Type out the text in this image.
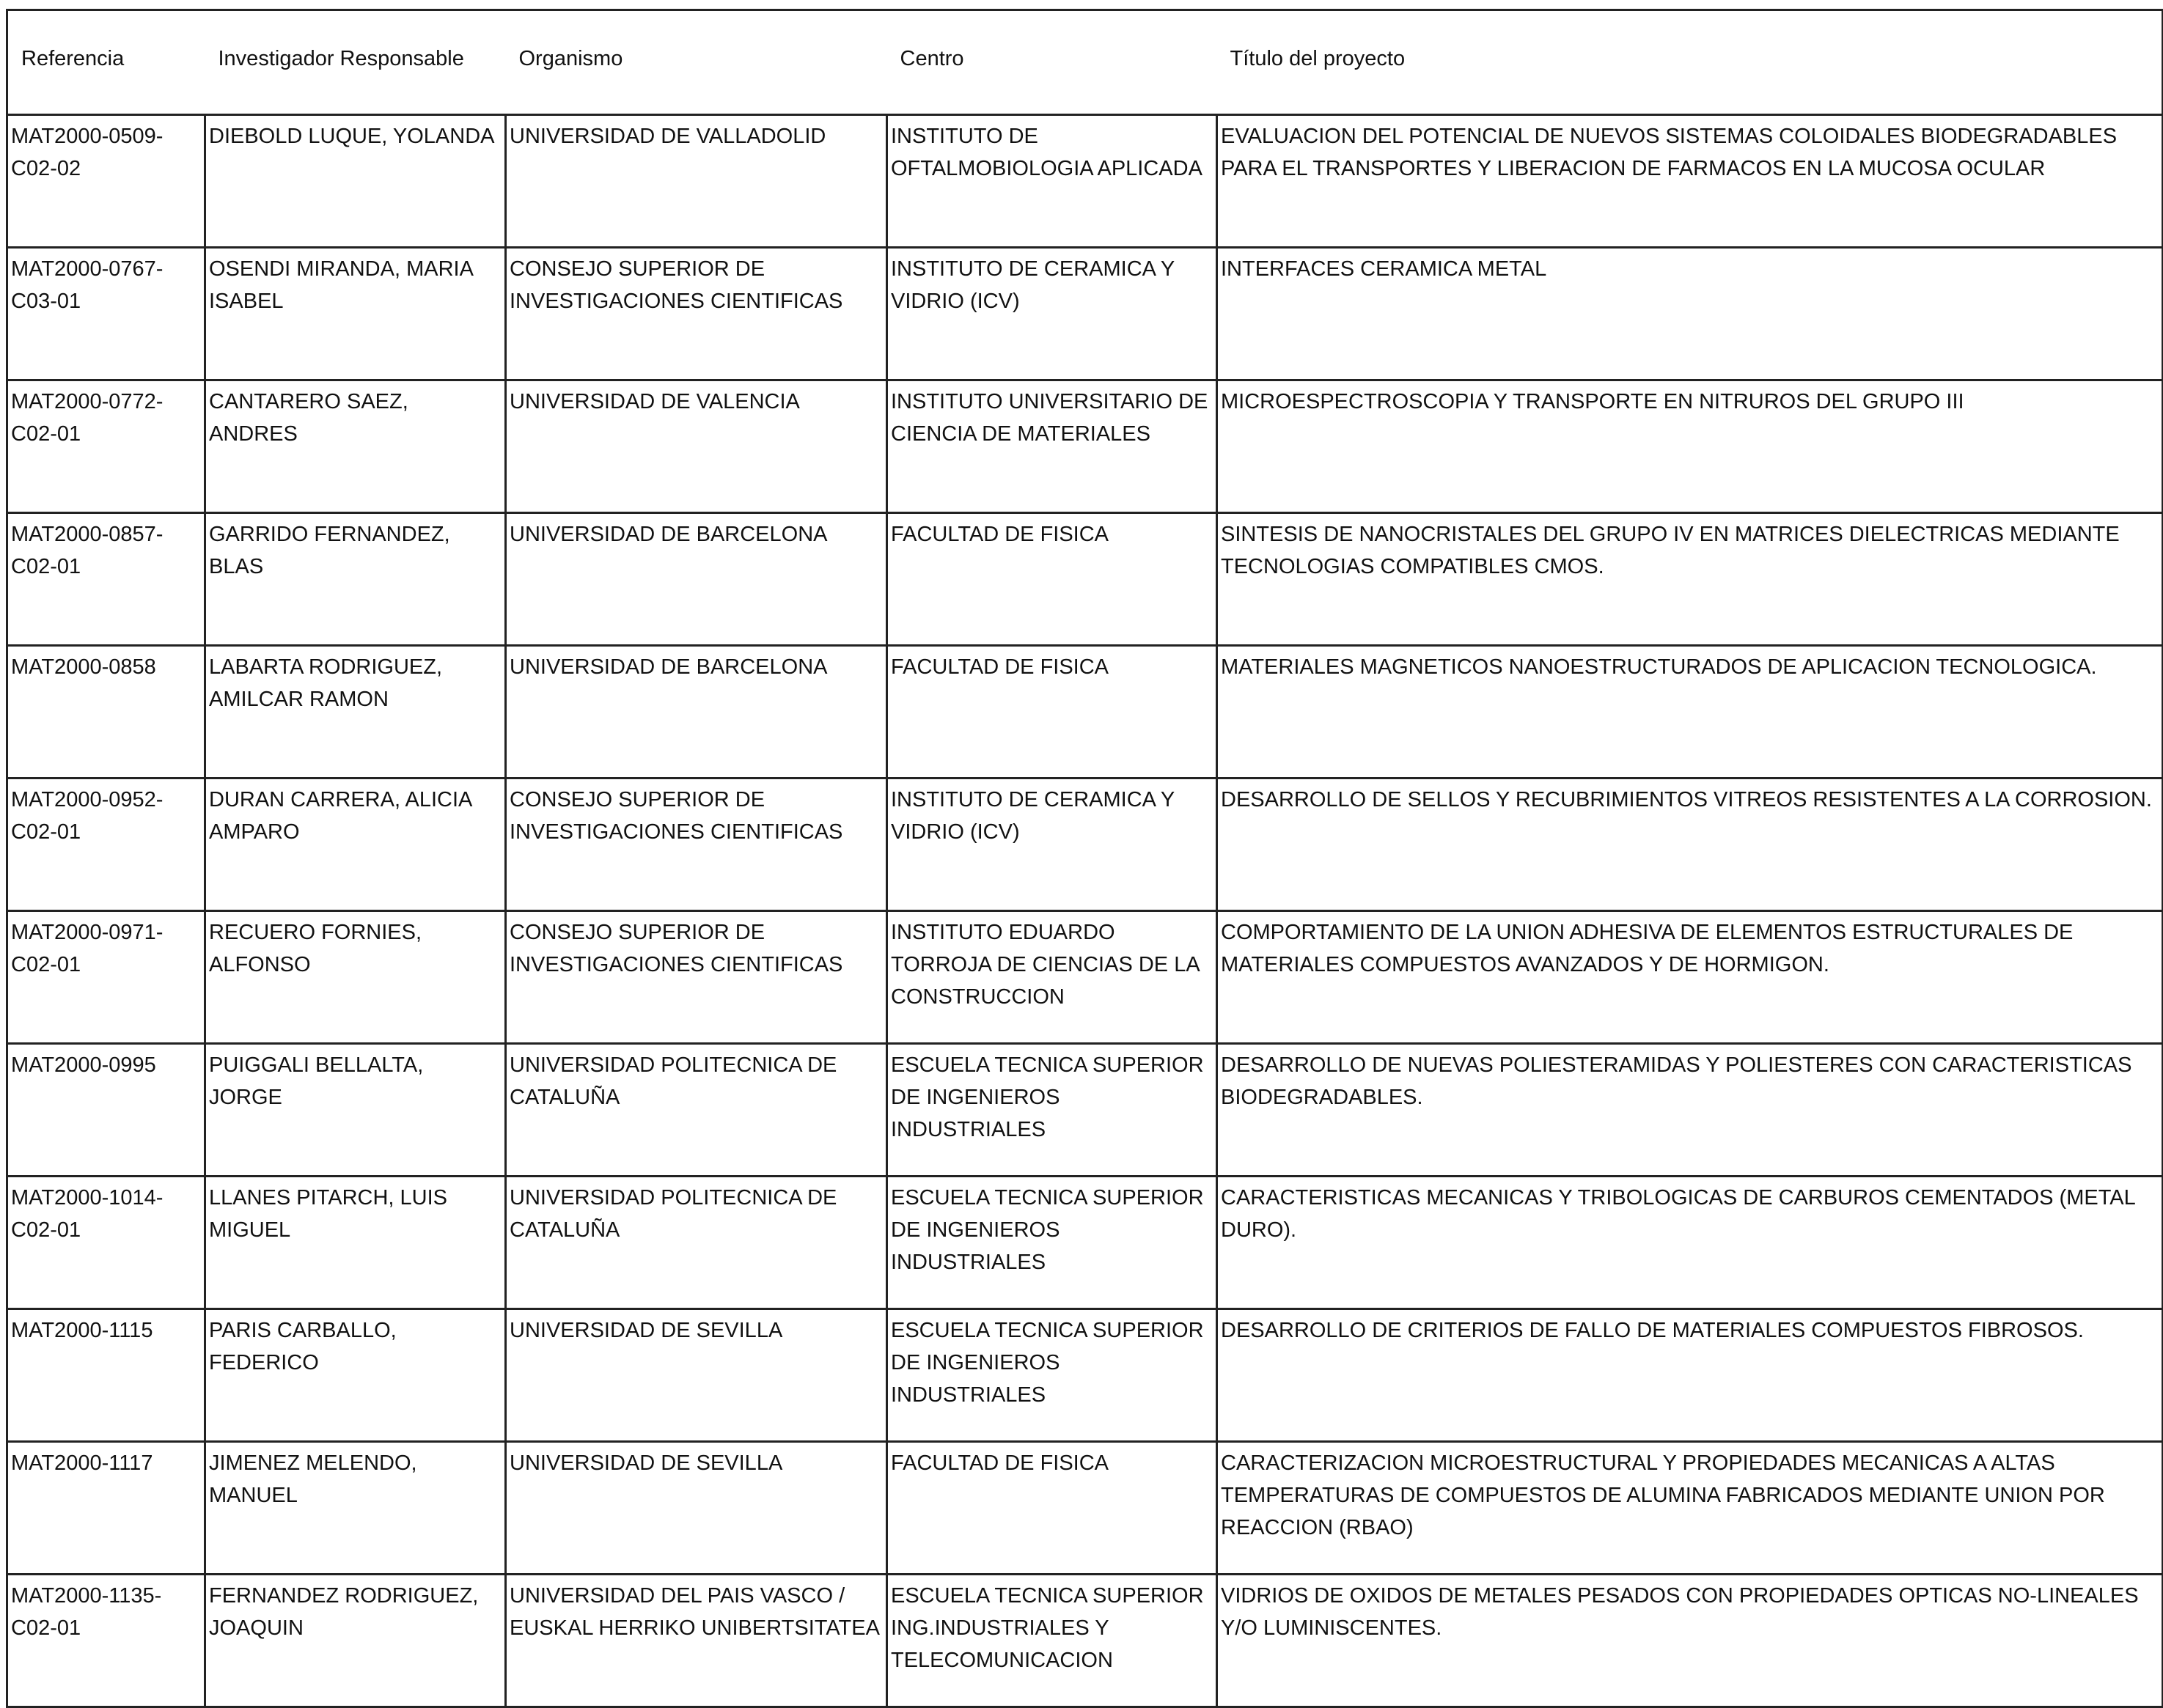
Referencia	Investigador Responsable	Organismo	Centro	Título del proyecto
MAT2000-0509-C02-02	DIEBOLD LUQUE, YOLANDA	UNIVERSIDAD DE VALLADOLID	INSTITUTO DE OFTALMOBIOLOGIA APLICADA	EVALUACION DEL POTENCIAL DE NUEVOS SISTEMAS COLOIDALES BIODEGRADABLES PARA EL TRANSPORTES Y LIBERACION DE FARMACOS EN LA MUCOSA OCULAR
MAT2000-0767-C03-01	OSENDI MIRANDA, MARIA ISABEL	CONSEJO SUPERIOR DE INVESTIGACIONES CIENTIFICAS	INSTITUTO DE CERAMICA Y VIDRIO (ICV)	INTERFACES CERAMICA METAL
MAT2000-0772-C02-01	CANTARERO SAEZ, ANDRES	UNIVERSIDAD DE VALENCIA	INSTITUTO UNIVERSITARIO DE CIENCIA DE MATERIALES	MICROESPECTROSCOPIA Y TRANSPORTE EN NITRUROS DEL GRUPO III
MAT2000-0857-C02-01	GARRIDO FERNANDEZ, BLAS	UNIVERSIDAD DE BARCELONA	FACULTAD DE FISICA	SINTESIS DE NANOCRISTALES DEL GRUPO IV EN MATRICES DIELECTRICAS MEDIANTE TECNOLOGIAS COMPATIBLES CMOS.
MAT2000-0858	LABARTA RODRIGUEZ, AMILCAR RAMON	UNIVERSIDAD DE BARCELONA	FACULTAD DE FISICA	MATERIALES MAGNETICOS NANOESTRUCTURADOS DE APLICACION TECNOLOGICA.
MAT2000-0952-C02-01	DURAN CARRERA, ALICIA AMPARO	CONSEJO SUPERIOR DE INVESTIGACIONES CIENTIFICAS	INSTITUTO DE CERAMICA Y VIDRIO (ICV)	DESARROLLO DE SELLOS Y RECUBRIMIENTOS VITREOS RESISTENTES A LA CORROSION.
MAT2000-0971-C02-01	RECUERO FORNIES, ALFONSO	CONSEJO SUPERIOR DE INVESTIGACIONES CIENTIFICAS	INSTITUTO EDUARDO TORROJA DE CIENCIAS DE LA CONSTRUCCION	COMPORTAMIENTO DE LA UNION ADHESIVA DE ELEMENTOS ESTRUCTURALES DE MATERIALES COMPUESTOS AVANZADOS Y DE HORMIGON.
MAT2000-0995	PUIGGALI BELLALTA, JORGE	UNIVERSIDAD POLITECNICA DE CATALUÑA	ESCUELA TECNICA SUPERIOR DE INGENIEROS INDUSTRIALES	DESARROLLO DE NUEVAS POLIESTERAMIDAS Y POLIESTERES CON CARACTERISTICAS BIODEGRADABLES.
MAT2000-1014-C02-01	LLANES PITARCH, LUIS MIGUEL	UNIVERSIDAD POLITECNICA DE CATALUÑA	ESCUELA TECNICA SUPERIOR DE INGENIEROS INDUSTRIALES	CARACTERISTICAS MECANICAS Y TRIBOLOGICAS DE CARBUROS CEMENTADOS (METAL DURO).
MAT2000-1115	PARIS CARBALLO, FEDERICO	UNIVERSIDAD DE SEVILLA	ESCUELA TECNICA SUPERIOR DE INGENIEROS INDUSTRIALES	DESARROLLO DE CRITERIOS DE FALLO DE MATERIALES COMPUESTOS FIBROSOS.
MAT2000-1117	JIMENEZ MELENDO, MANUEL	UNIVERSIDAD DE SEVILLA	FACULTAD DE FISICA	CARACTERIZACION MICROESTRUCTURAL Y PROPIEDADES MECANICAS A ALTAS TEMPERATURAS DE COMPUESTOS DE ALUMINA FABRICADOS MEDIANTE UNION POR REACCION (RBAO)
MAT2000-1135-C02-01	FERNANDEZ RODRIGUEZ, JOAQUIN	UNIVERSIDAD DEL PAIS VASCO / EUSKAL HERRIKO UNIBERTSITATEA	ESCUELA TECNICA SUPERIOR ING.INDUSTRIALES Y TELECOMUNICACION	VIDRIOS DE OXIDOS DE METALES PESADOS CON PROPIEDADES OPTICAS NO-LINEALES Y/O LUMINISCENTES.
